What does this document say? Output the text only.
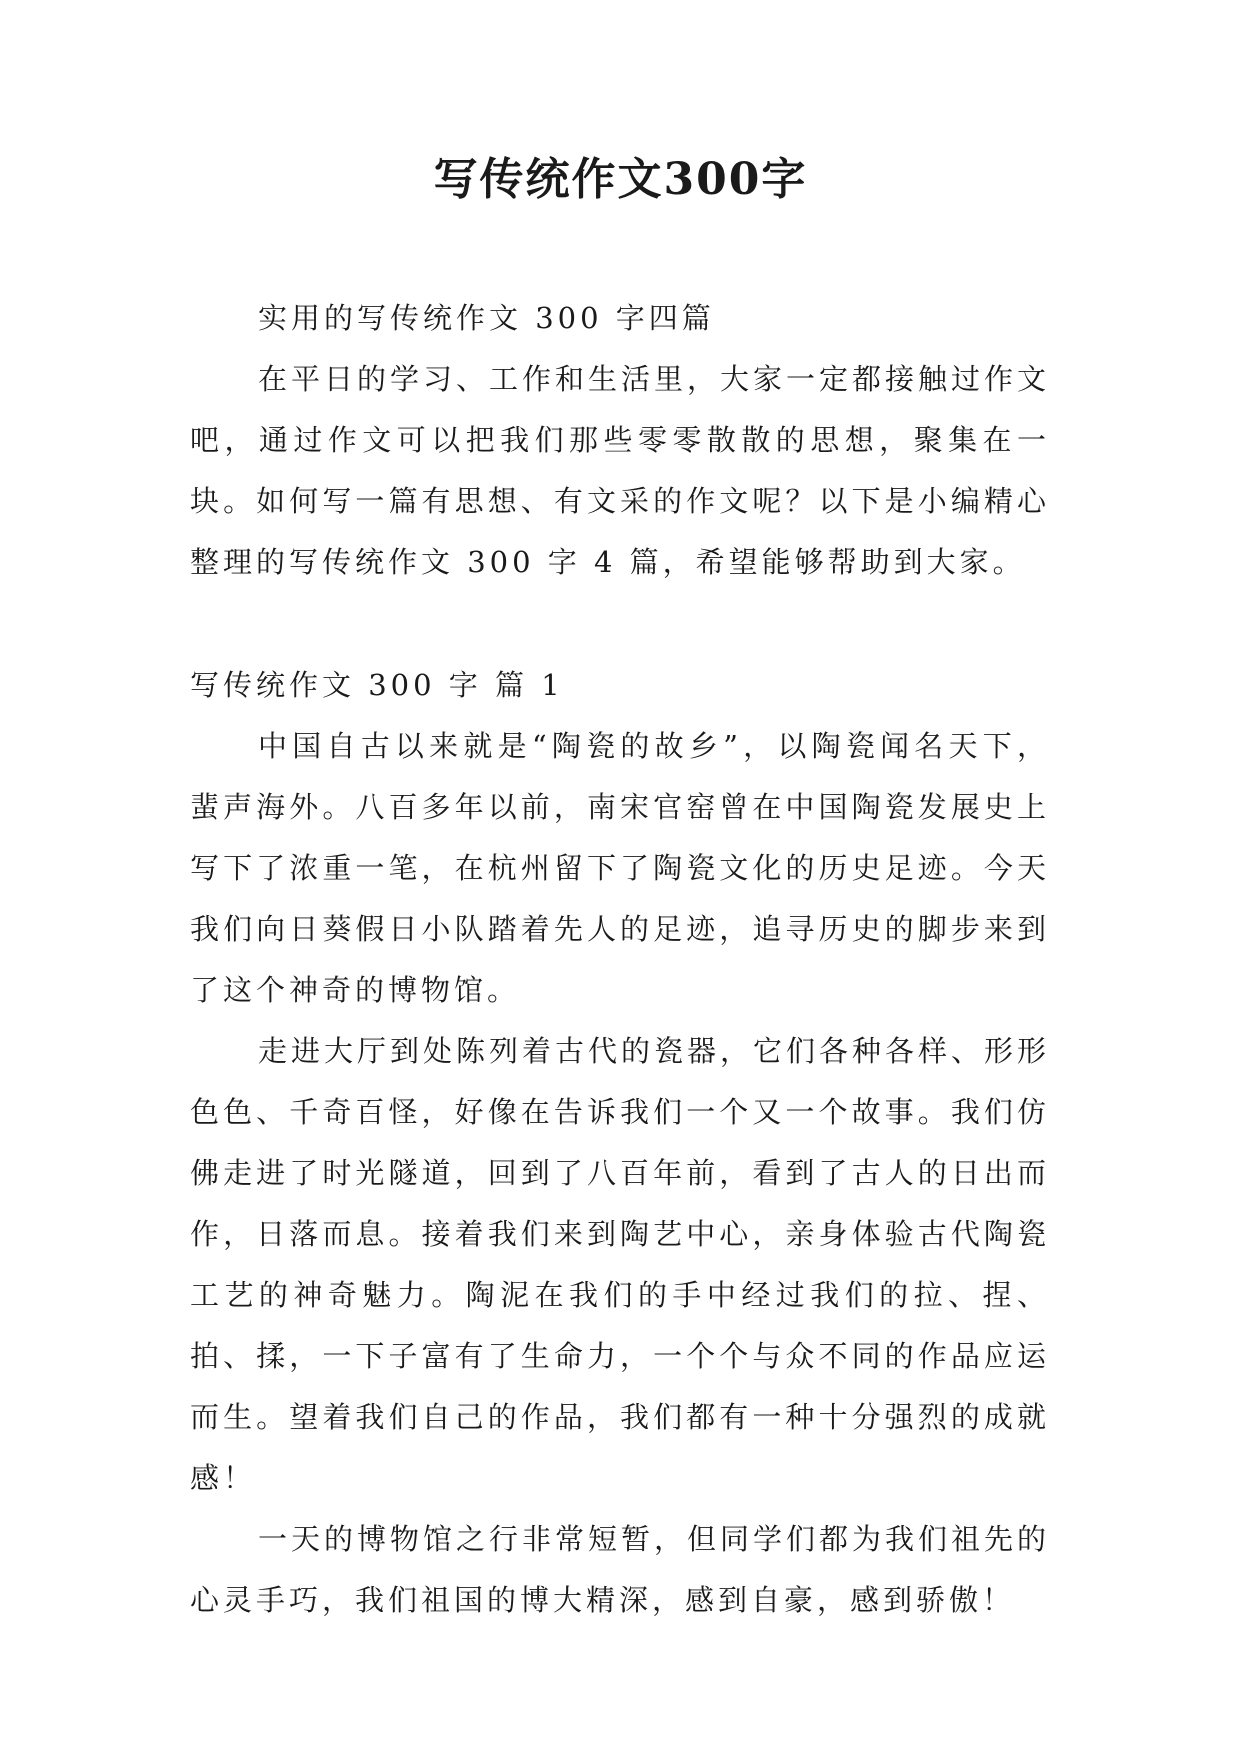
写传统作文300字

实用的写传统作文 300 字四篇

在平日的学习、工作和生活里，大家一定都接触过作文吧，通过作文可以把我们那些零零散散的思想，聚集在一块。如何写一篇有思想、有文采的作文呢？以下是小编精心整理的写传统作文 300 字 4 篇，希望能够帮助到大家。

写传统作文 300 字 篇 1

中国自古以来就是“陶瓷的故乡”，以陶瓷闻名天下，蜚声海外。八百多年以前，南宋官窑曾在中国陶瓷发展史上写下了浓重一笔，在杭州留下了陶瓷文化的历史足迹。今天我们向日葵假日小队踏着先人的足迹，追寻历史的脚步来到了这个神奇的博物馆。

走进大厅到处陈列着古代的瓷器，它们各种各样、形形色色、千奇百怪，好像在告诉我们一个又一个故事。我们仿佛走进了时光隧道，回到了八百年前，看到了古人的日出而作，日落而息。接着我们来到陶艺中心，亲身体验古代陶瓷工艺的神奇魅力。陶泥在我们的手中经过我们的拉、捏、拍、揉，一下子富有了生命力，一个个与众不同的作品应运而生。望着我们自己的作品，我们都有一种十分强烈的成就感！

一天的博物馆之行非常短暂，但同学们都为我们祖先的心灵手巧，我们祖国的博大精深，感到自豪，感到骄傲！
